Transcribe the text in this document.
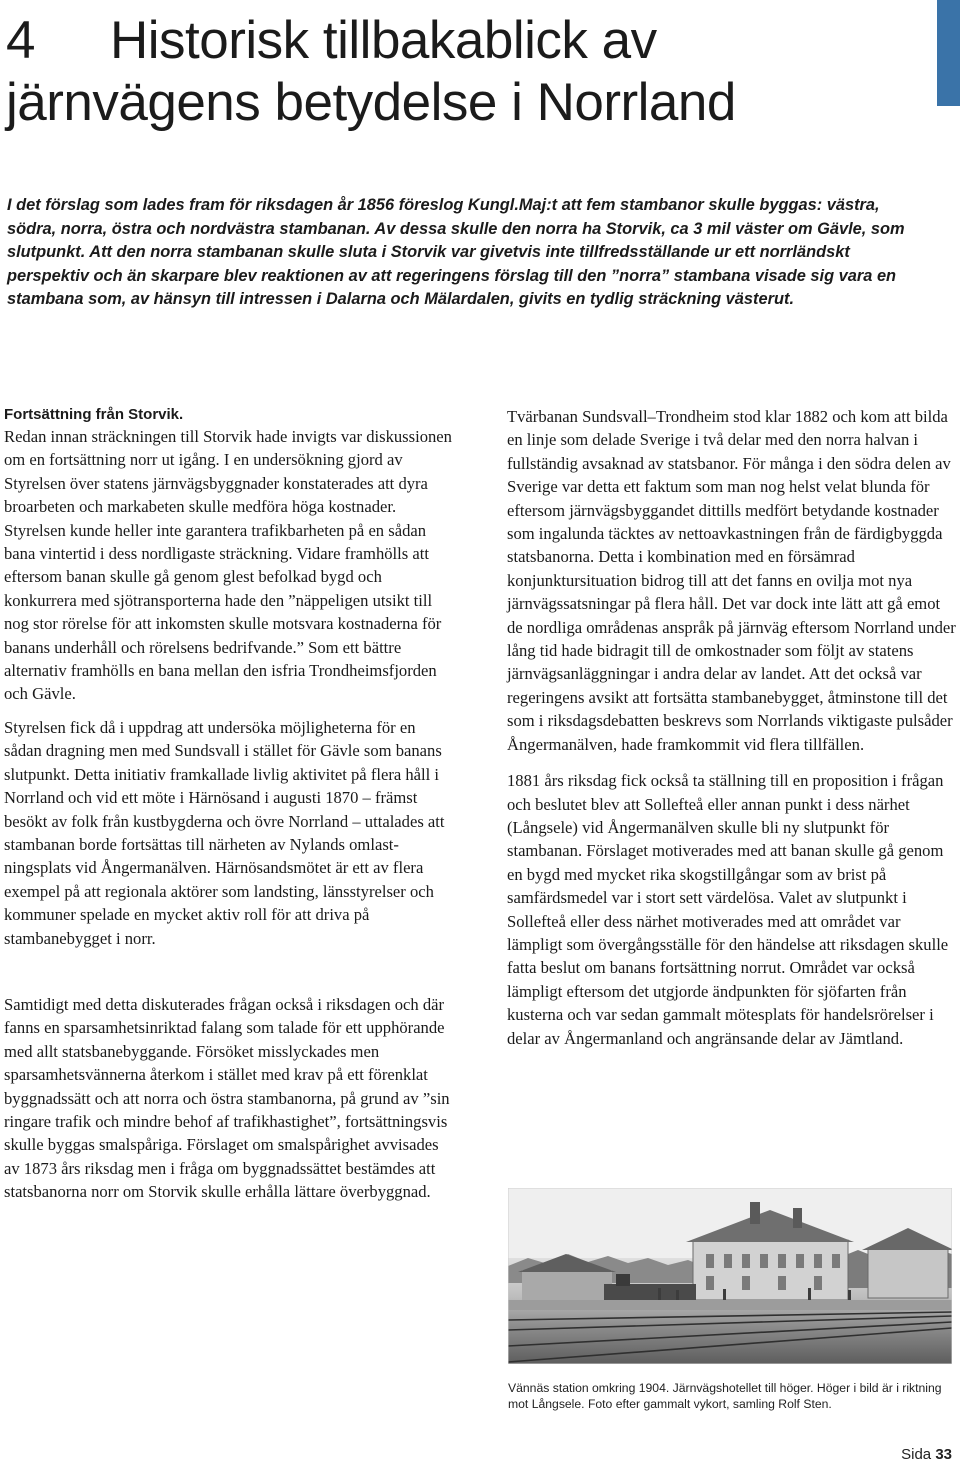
4 Historisk tillbakablick av
järnvägens betydelse i Norrland

I det förslag som lades fram för riksdagen år 1856 föreslog Kungl.Maj:t att fem stambanor skulle byggas: västra, södra, norra, östra och nordvästra stambanan. Av dessa skulle den norra ha Storvik, ca 3 mil väster om Gävle, som slutpunkt. Att den norra stambanan skulle sluta i Storvik var givetvis inte tillfredsställande ur ett norrländskt perspektiv och än skarpare blev reaktionen av att regeringens förslag till den ”norra” stambana visade sig vara en stambana som, av hänsyn till intressen i Dalarna och Mälardalen, givits en tydlig sträckning västerut.

Fortsättning från Storvik.

Redan innan sträckningen till Storvik hade invigts var diskussionen om en fortsättning norr ut igång. I en undersökning gjord av Styrelsen över statens järnvägsbyggnader konstaterades att dyra broarbeten och markabeten skulle medföra höga kostnader. Styrelsen kunde heller inte garantera trafikbarheten på en sådan bana vintertid i dess nordligaste sträckning. Vidare framhölls att eftersom banan skulle gå genom glest befolkad bygd och konkurrera med sjötransporterna hade den ”näppeligen utsikt till nog stor rörelse för att inkomsten skulle motsvara kostnaderna för banans underhåll och rörelsens bedrifvande.” Som ett bättre alternativ framhölls en bana mellan den isfria Trondheimsfjorden och Gävle.

Styrelsen fick då i uppdrag att undersöka möjligheterna för en sådan dragning men med Sundsvall i stället för Gävle som banans slutpunkt. Detta initiativ framkallade livlig aktivitet på flera håll i Norrland och vid ett möte i Härnösand i augusti 1870 – främst besökt av folk från kustbygderna och övre Norrland – uttalades att stambanan borde fortsättas till närheten av Nylands omlastningsplats vid Ångermanälven. Härnösandsmötet är ett av flera exempel på att regionala aktörer som landsting, länsstyrelser och kommuner spelade en mycket aktiv roll för att driva på stambanebygget i norr.

Samtidigt med detta diskuterades frågan också i riksdagen och där fanns en sparsamhetsinriktad falang som talade för ett upphörande med allt statsbanebyggande. Försöket misslyckades men sparsamhetsvännerna återkom i stället med krav på ett förenklat byggnadssätt och att norra och östra stambanorna, på grund av ”sin ringare trafik och mindre behof af trafikhastighet”, fortsättningsvis skulle byggas smalspåriga. Förslaget om smalspårighet avvisades av 1873 års riksdag men i fråga om byggnadssättet bestämdes att statsbanorna norr om Storvik skulle erhålla lättare överbyggnad.

Tvärbanan Sundsvall–Trondheim stod klar 1882 och kom att bilda en linje som delade Sverige i två delar med den norra halvan i fullständig avsaknad av statsbanor. För många i den södra delen av Sverige var detta ett faktum som man nog helst velat blunda för eftersom järnvägsbyggandet dittills medfört betydande kostnader som ingalunda täcktes av nettoavkastningen från de färdigbyggda statsbanorna. Detta i kombination med en försämrad konjunktursituation bidrog till att det fanns en ovilja mot nya järnvägssatsningar på flera håll. Det var dock inte lätt att gå emot de nordliga områdenas anspråk på järnväg eftersom Norrland under lång tid hade bidragit till de omkostnader som följt av statens järnvägsanläggningar i andra delar av landet. Att det också var regeringens avsikt att fortsätta stambanebygget, åtminstone till det som i riksdagsdebatten beskrevs som Norrlands viktigaste pulsåder Ångermanälven, hade framkommit vid flera tillfällen.

1881 års riksdag fick också ta ställning till en proposition i frågan och beslutet blev att Sollefteå eller annan punkt i dess närhet (Långsele) vid Ångermanälven skulle bli ny slutpunkt för stambanan. Förslaget motiverades med att banan skulle gå genom en bygd med mycket rika skogstillgångar som av brist på samfärdsmedel var i stort sett värdelösa. Valet av slutpunkt i Sollefteå eller dess närhet motiverades med att området var lämpligt som övergångsställe för den händelse att riksdagen skulle fatta beslut om banans fortsättning norrut. Området var också lämpligt eftersom det utgjorde ändpunkten för sjöfarten från kusterna och var sedan gammalt mötesplats för handelsrörelser i delar av Ångermanland och angränsande delar av Jämtland.

Vännäs station omkring 1904. Järnvägshotellet till höger. Höger i bild är i riktning mot Långsele. Foto efter gammalt vykort, samling Rolf Sten.

Sida 33
